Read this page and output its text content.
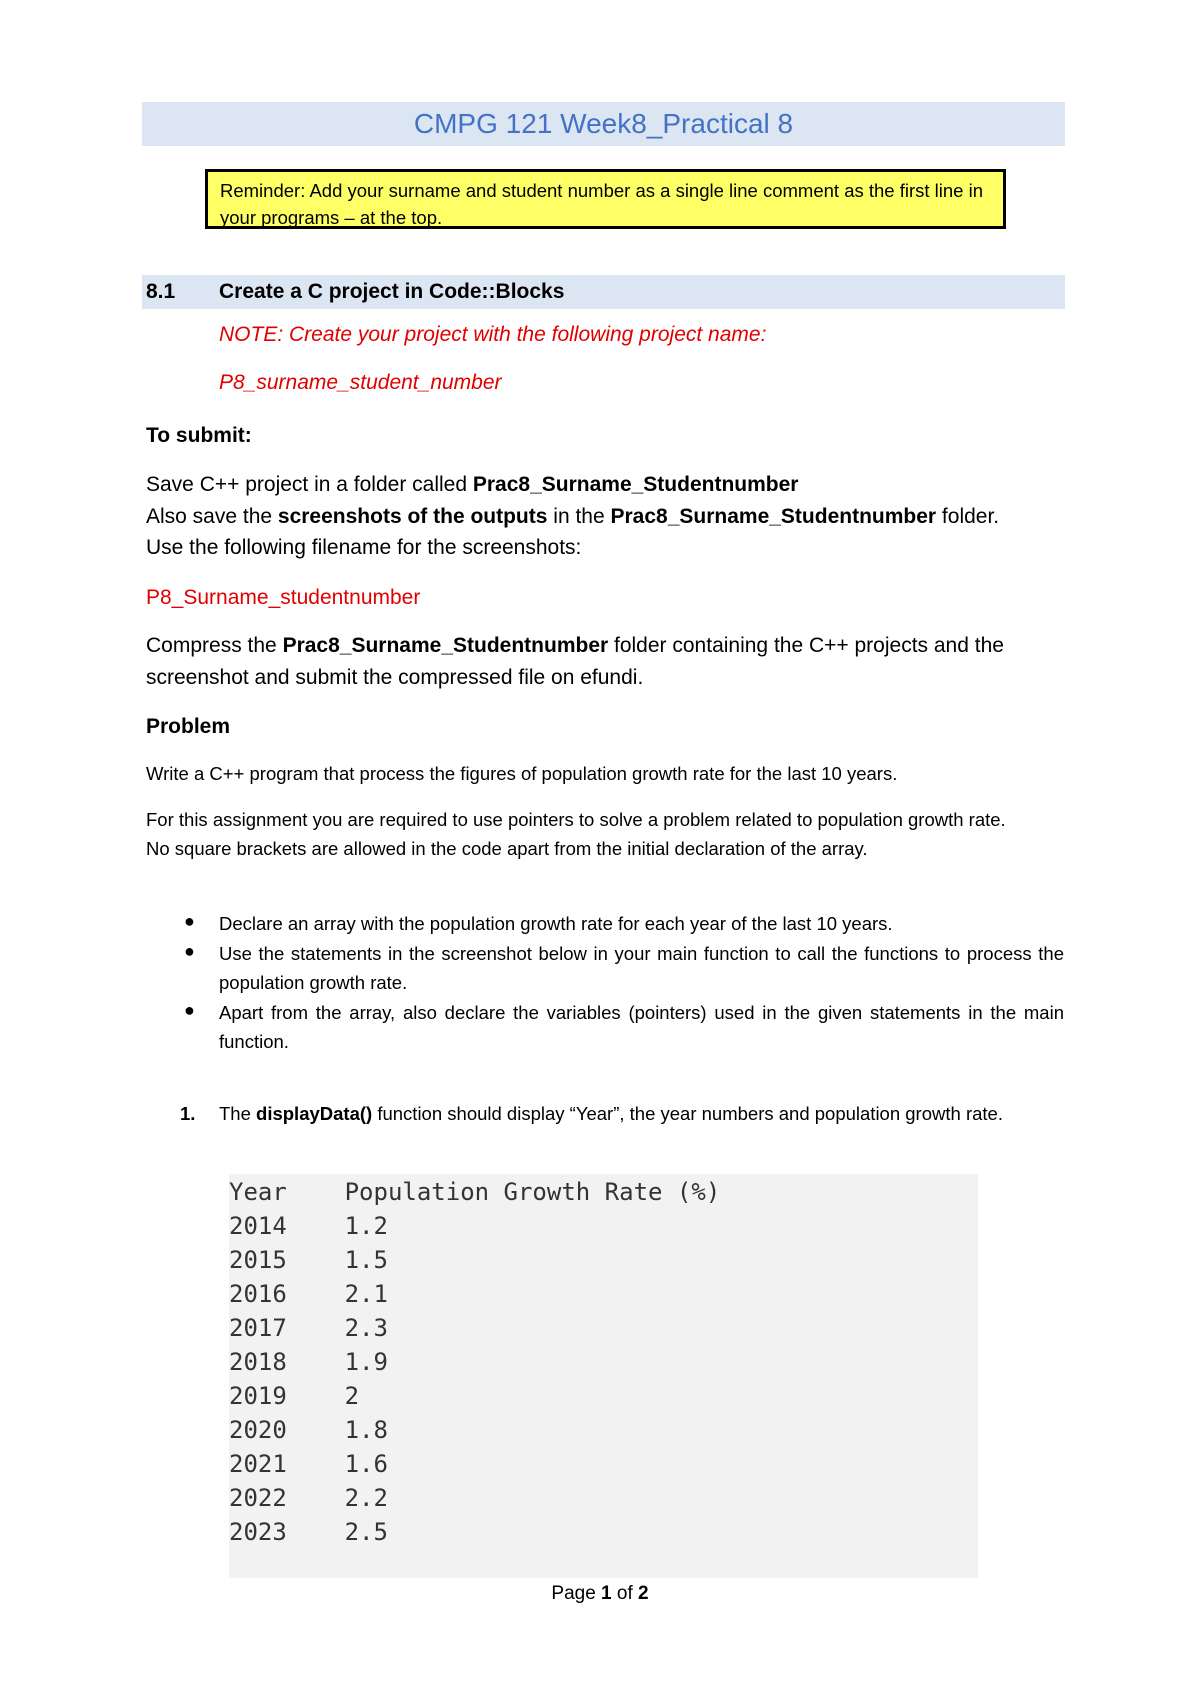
CMPG 121 Week8_Practical 8
Reminder: Add your surname and student number as a single line comment as the first line in your programs – at the top.
8.1 Create a C project in Code::Blocks
NOTE: Create your project with the following project name:
P8_surname_student_number
To submit:
Save C++ project in a folder called Prac8_Surname_Studentnumber
Also save the screenshots of the outputs in the Prac8_Surname_Studentnumber folder.
Use the following filename for the screenshots:
P8_Surname_studentnumber
Compress the Prac8_Surname_Studentnumber folder containing the C++ projects and the screenshot and submit the compressed file on efundi.
Problem
Write a C++ program that process the figures of population growth rate for the last 10 years.
For this assignment you are required to use pointers to solve a problem related to population growth rate. No square brackets are allowed in the code apart from the initial declaration of the array.
● Declare an array with the population growth rate for each year of the last 10 years.
● Use the statements in the screenshot below in your main function to call the functions to process the population growth rate.
● Apart from the array, also declare the variables (pointers) used in the given statements in the main function.
1. The displayData() function should display “Year”, the year numbers and population growth rate.
Year Population Growth Rate (%)
2014 1.2
2015 1.5
2016 2.1
2017 2.3
2018 1.9
2019 2
2020 1.8
2021 1.6
2022 2.2
2023 2.5
Page 1 of 2
